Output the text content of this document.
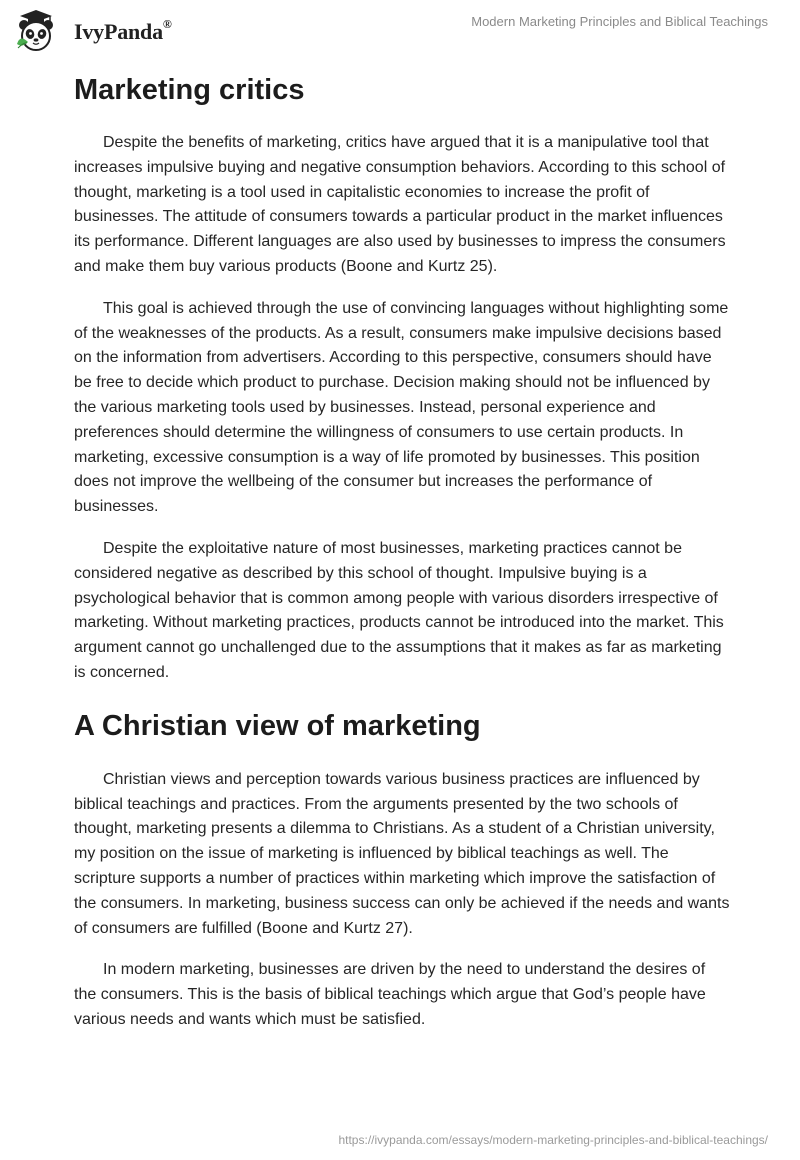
IvyPanda®	Modern Marketing Principles and Biblical Teachings
Marketing critics

Despite the benefits of marketing, critics have argued that it is a manipulative tool that increases impulsive buying and negative consumption behaviors. According to this school of thought, marketing is a tool used in capitalistic economies to increase the profit of businesses. The attitude of consumers towards a particular product in the market influences its performance. Different languages are also used by businesses to impress the consumers and make them buy various products (Boone and Kurtz 25).

This goal is achieved through the use of convincing languages without highlighting some of the weaknesses of the products. As a result, consumers make impulsive decisions based on the information from advertisers. According to this perspective, consumers should have be free to decide which product to purchase. Decision making should not be influenced by the various marketing tools used by businesses. Instead, personal experience and preferences should determine the willingness of consumers to use certain products. In marketing, excessive consumption is a way of life promoted by businesses. This position does not improve the wellbeing of the consumer but increases the performance of businesses.

Despite the exploitative nature of most businesses, marketing practices cannot be considered negative as described by this school of thought. Impulsive buying is a psychological behavior that is common among people with various disorders irrespective of marketing. Without marketing practices, products cannot be introduced into the market. This argument cannot go unchallenged due to the assumptions that it makes as far as marketing is concerned.

A Christian view of marketing

Christian views and perception towards various business practices are influenced by biblical teachings and practices. From the arguments presented by the two schools of thought, marketing presents a dilemma to Christians. As a student of a Christian university, my position on the issue of marketing is influenced by biblical teachings as well. The scripture supports a number of practices within marketing which improve the satisfaction of the consumers. In marketing, business success can only be achieved if the needs and wants of consumers are fulfilled (Boone and Kurtz 27).

In modern marketing, businesses are driven by the need to understand the desires of the consumers. This is the basis of biblical teachings which argue that God’s people have various needs and wants which must be satisfied.

https://ivypanda.com/essays/modern-marketing-principles-and-biblical-teachings/
